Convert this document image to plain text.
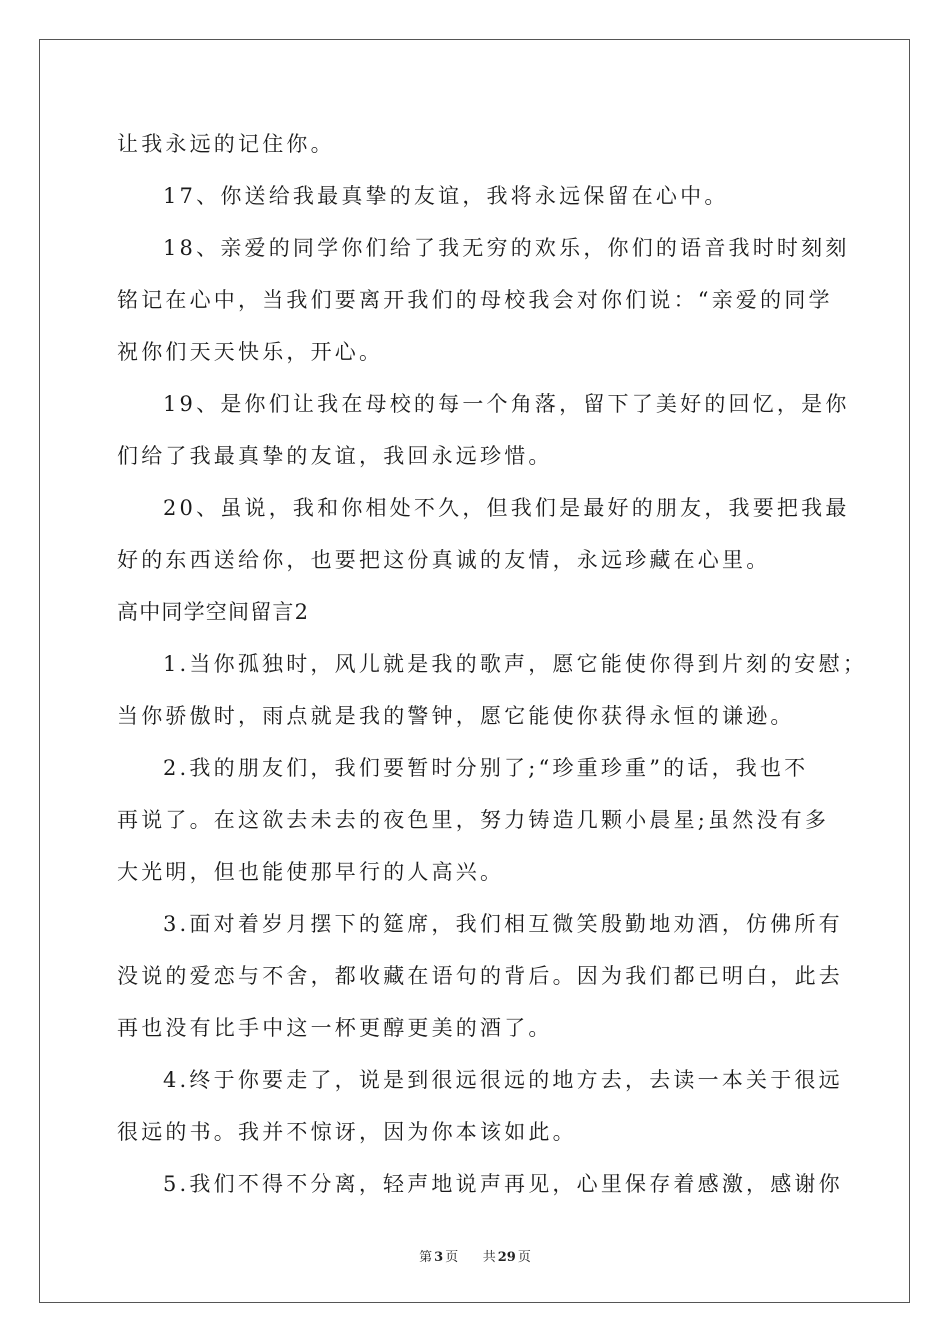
让我永远的记住你。
17、你送给我最真挚的友谊，我将永远保留在心中。
18、亲爱的同学你们给了我无穷的欢乐，你们的语音我时时刻刻
铭记在心中，当我们要离开我们的母校我会对你们说：“亲爱的同学
祝你们天天快乐，开心。
19、是你们让我在母校的每一个角落，留下了美好的回忆，是你
们给了我最真挚的友谊，我回永远珍惜。
20、虽说，我和你相处不久，但我们是最好的朋友，我要把我最
好的东西送给你，也要把这份真诚的友情，永远珍藏在心里。
高中同学空间留言2
1.当你孤独时，风儿就是我的歌声，愿它能使你得到片刻的安慰；
当你骄傲时，雨点就是我的警钟，愿它能使你获得永恒的谦逊。
2.我的朋友们，我们要暂时分别了;“珍重珍重”的话，我也不
再说了。在这欲去未去的夜色里，努力铸造几颗小晨星;虽然没有多
大光明，但也能使那早行的人高兴。
3.面对着岁月摆下的筵席，我们相互微笑殷勤地劝酒，仿佛所有
没说的爱恋与不舍，都收藏在语句的背后。因为我们都已明白，此去
再也没有比手中这一杯更醇更美的酒了。
4.终于你要走了，说是到很远很远的地方去，去读一本关于很远
很远的书。我并不惊讶，因为你本该如此。
5.我们不得不分离，轻声地说声再见，心里保存着感激，感谢你
第 3 页 共 29 页
